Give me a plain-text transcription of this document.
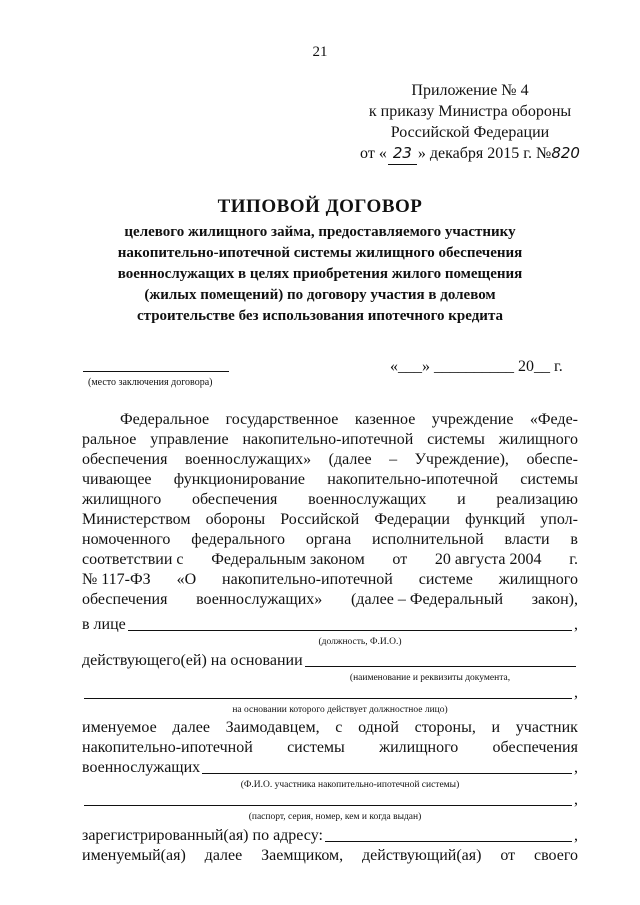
21
Приложение № 4
к приказу Министра обороны
Российской Федерации
от « 23 » декабря 2015 г. №820
ТИПОВОЙ ДОГОВОР
целевого жилищного займа, предоставляемого участнику
накопительно-ипотечной системы жилищного обеспечения
военнослужащих в целях приобретения жилого помещения
(жилых помещений) по договору участия в долевом
строительстве без использования ипотечного кредита
(место заключения договора)
«___» __________ 20__ г.
Федеральное государственное казенное учреждение «Феде-
ральное управление накопительно-ипотечной системы жилищного
обеспечения военнослужащих» (далее – Учреждение), обеспе-
чивающее функционирование накопительно-ипотечной системы
жилищного обеспечения военнослужащих и реализацию
Министерством обороны Российской Федерации функций упол-
номоченного федерального органа исполнительной власти в
соответствии с Федеральным законом от 20 августа 2004 г.
№ 117-ФЗ «О накопительно-ипотечной системе жилищного
обеспечения военнослужащих» (далее – Федеральный закон),
в лице	,
(должность, Ф.И.О.)
действующего(ей) на основании
(наименование и реквизиты документа,
,
на основании которого действует должностное лицо)
именуемое далее Заимодавцем, с одной стороны, и участник
накопительно-ипотечной системы жилищного обеспечения
военнослужащих	,
(Ф.И.О. участника накопительно-ипотечной системы)
,
(паспорт, серия, номер, кем и когда выдан)
зарегистрированный(ая) по адресу:	,
именуемый(ая) далее Заемщиком, действующий(ая) от своего
